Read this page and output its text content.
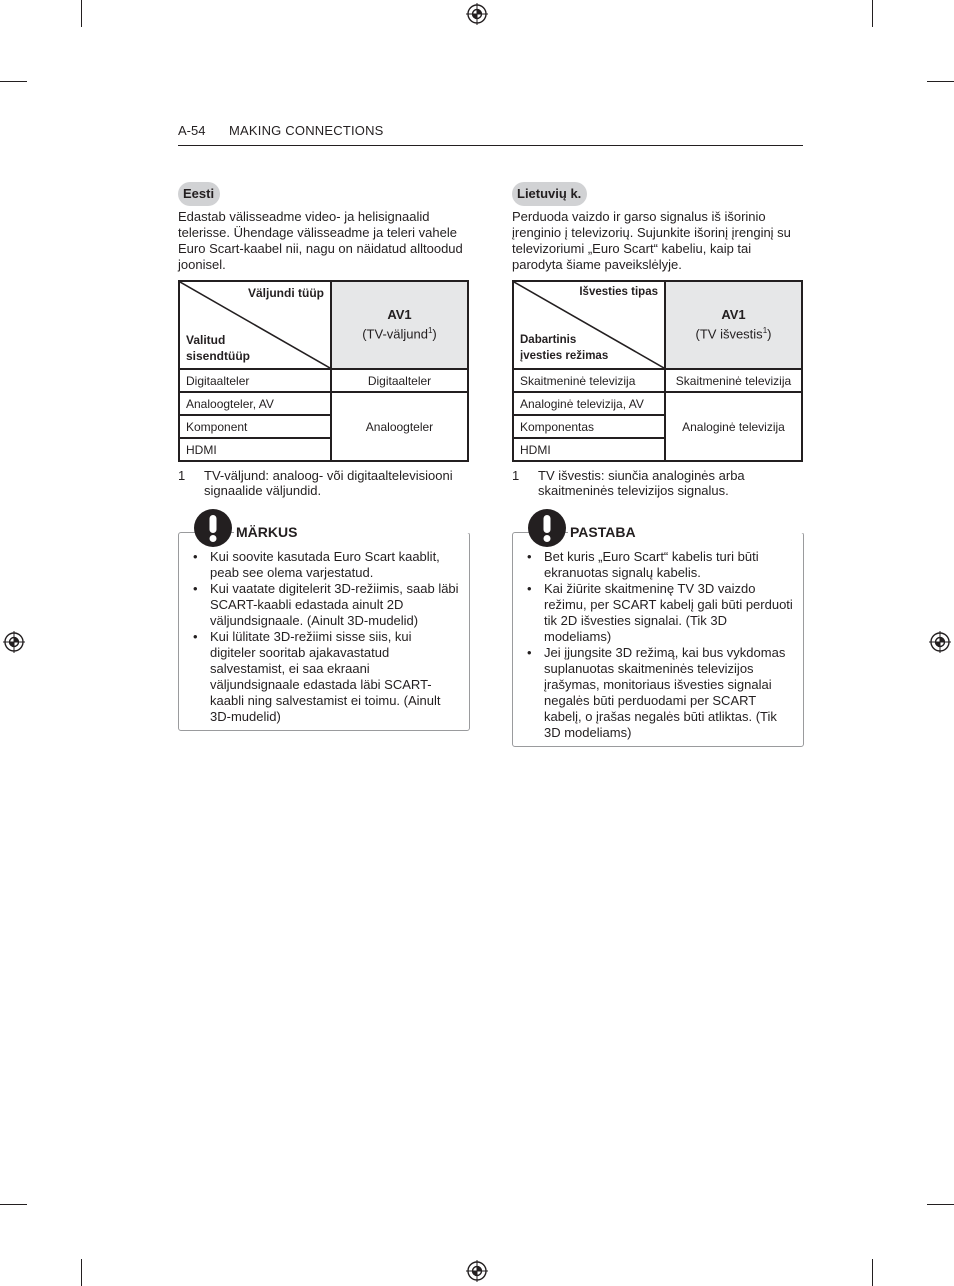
A-54 MAKING CONNECTIONS
Eesti
Edastab välisseadme video- ja helisignaalid telerisse. Ühendage välisseadme ja teleri vahele Euro Scart-kaabel nii, nagu on näidatud alltoodud joonisel.
Väljundi tüüp
Valitud
sisendtüüp	AV1
(TV-väljund$^1$)
Digitaalteler	Digitaalteler
Analoogteler, AV	Analoogteler
Komponent	
HDMI	
1	TV-väljund: analoog- või digitaaltelevisiooni signaalide väljundid.
MÄRKUS
• Kui soovite kasutada Euro Scart kaablit, peab see olema varjestatud.
• Kui vaatate digitelerit 3D-režiimis, saab läbi SCART-kaabli edastada ainult 2D väljundsignaale. (Ainult 3D-mudelid)
• Kui lülitate 3D-režiimi sisse siis, kui digiteler sooritab ajakavastatud salvestamist, ei saa ekraani väljundsignaale edastada läbi SCART-kaabli ning salvestamist ei toimu. (Ainult 3D-mudelid)
Lietuvių k.
Perduoda vaizdo ir garso signalus iš išorinio įrenginio į televizorių. Sujunkite išorinį įrenginį su televizoriumi „Euro Scart“ kabeliu, kaip tai parodyta šiame paveikslėlyje.
Išvesties tipas
Dabartinis
įvesties režimas	AV1
(TV išvestis$^1$)
Skaitmeninė televizija	Skaitmeninė televizija
Analoginė televizija, AV	Analoginė televizija
Komponentas	
HDMI	
1	TV išvestis: siunčia analoginės arba skaitmeninės televizijos signalus.
PASTABA
• Bet kuris „Euro Scart“ kabelis turi būti ekranuotas signalų kabelis.
• Kai žiūrite skaitmeninę TV 3D vaizdo režimu, per SCART kabelį gali būti perduoti tik 2D išvesties signalai. (Tik 3D modeliams)
• Jei įjungsite 3D režimą, kai bus vykdomas suplanuotas skaitmeninės televizijos įrašymas, monitoriaus išvesties signalai negalės būti perduodami per SCART kabelį, o įrašas negalės būti atliktas. (Tik 3D modeliams)
